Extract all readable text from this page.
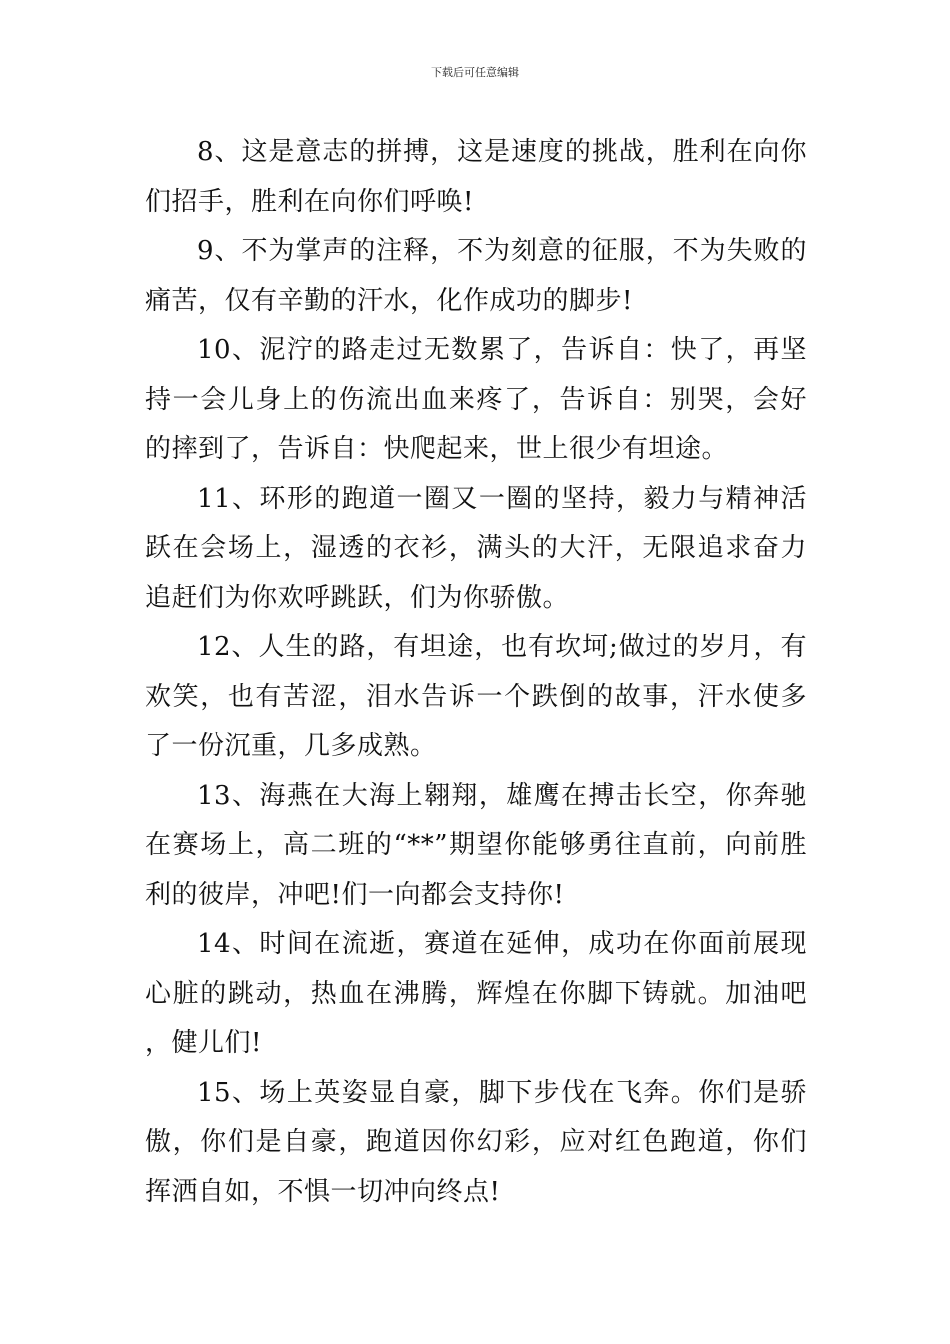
下载后可任意编辑

8、这是意志的拼搏，这是速度的挑战，胜利在向你们招手，胜利在向你们呼唤!

9、不为掌声的注释，不为刻意的征服，不为失败的痛苦，仅有辛勤的汗水，化作成功的脚步!

10、泥泞的路走过无数累了，告诉自：快了，再坚持一会儿身上的伤流出血来疼了，告诉自：别哭，会好的摔到了，告诉自：快爬起来，世上很少有坦途。

11、环形的跑道一圈又一圈的坚持，毅力与精神活跃在会场上，湿透的衣衫，满头的大汗，无限追求奋力追赶们为你欢呼跳跃，们为你骄傲。

12、人生的路，有坦途，也有坎坷;做过的岁月，有欢笑，也有苦涩，泪水告诉一个跌倒的故事，汗水使多了一份沉重，几多成熟。

13、海燕在大海上翱翔，雄鹰在搏击长空，你奔驰在赛场上，高二班的“**”期望你能够勇往直前，向前胜利的彼岸，冲吧!们一向都会支持你!

14、时间在流逝，赛道在延伸，成功在你面前展现心脏的跳动，热血在沸腾，辉煌在你脚下铸就。加油吧，健儿们!

15、场上英姿显自豪，脚下步伐在飞奔。你们是骄傲，你们是自豪，跑道因你幻彩，应对红色跑道，你们挥洒自如，不惧一切冲向终点!
